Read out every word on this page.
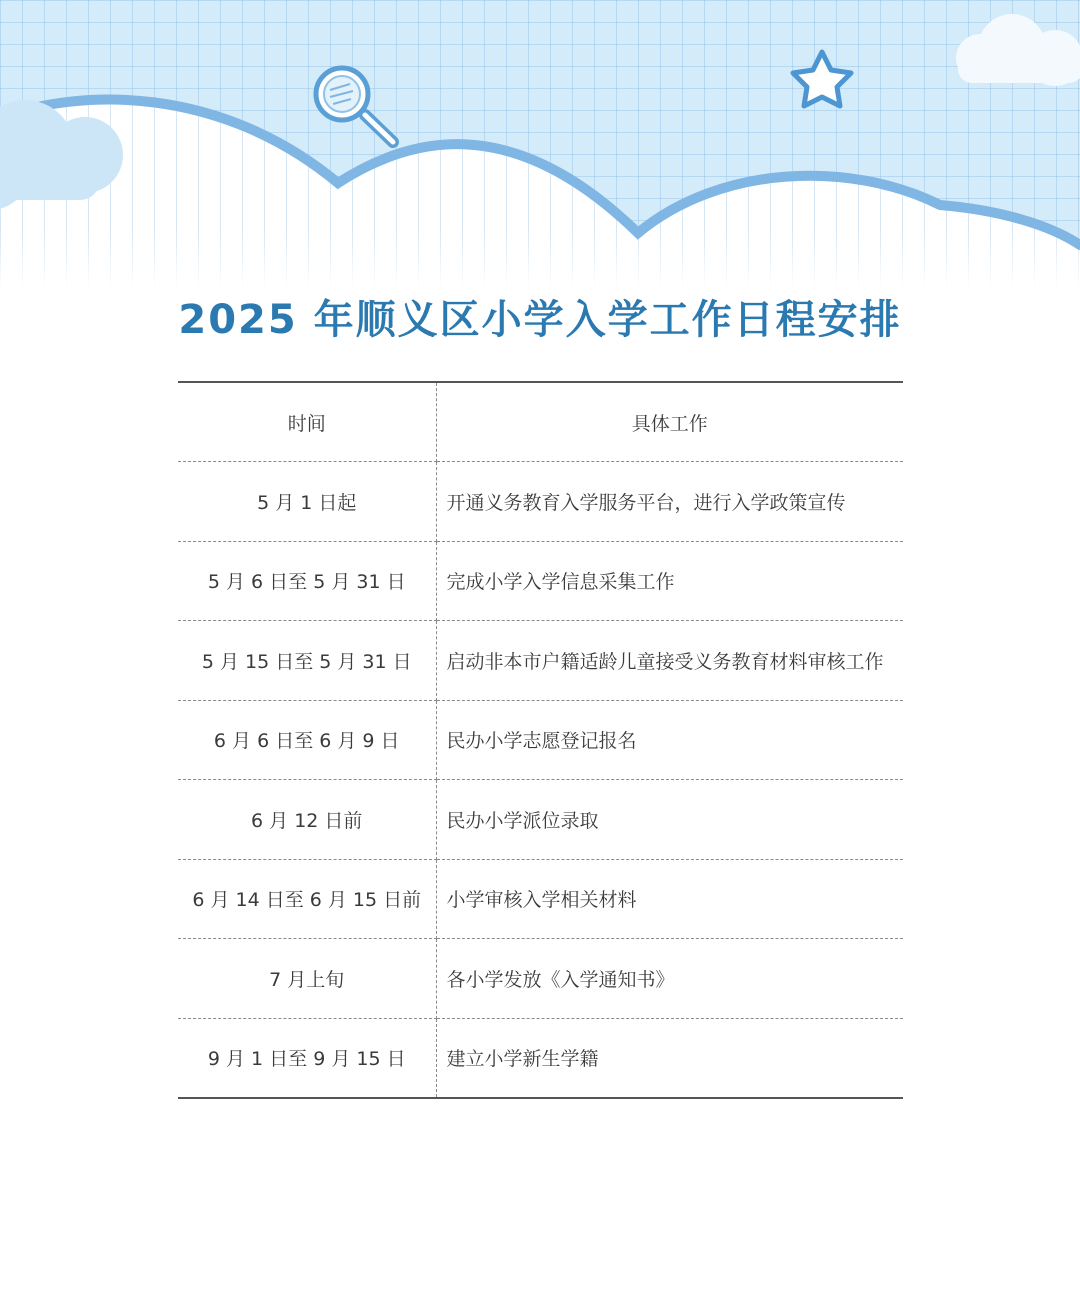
2025 年顺义区小学入学工作日程安排
时间	具体工作
5 月 1 日起	开通义务教育入学服务平台，进行入学政策宣传
5 月 6 日至 5 月 31 日	完成小学入学信息采集工作
5 月 15 日至 5 月 31 日	启动非本市户籍适龄儿童接受义务教育材料审核工作
6 月 6 日至 6 月 9 日	民办小学志愿登记报名
6 月 12 日前	民办小学派位录取
6 月 14 日至 6 月 15 日前	小学审核入学相关材料
7 月上旬	各小学发放《入学通知书》
9 月 1 日至 9 月 15 日	建立小学新生学籍
